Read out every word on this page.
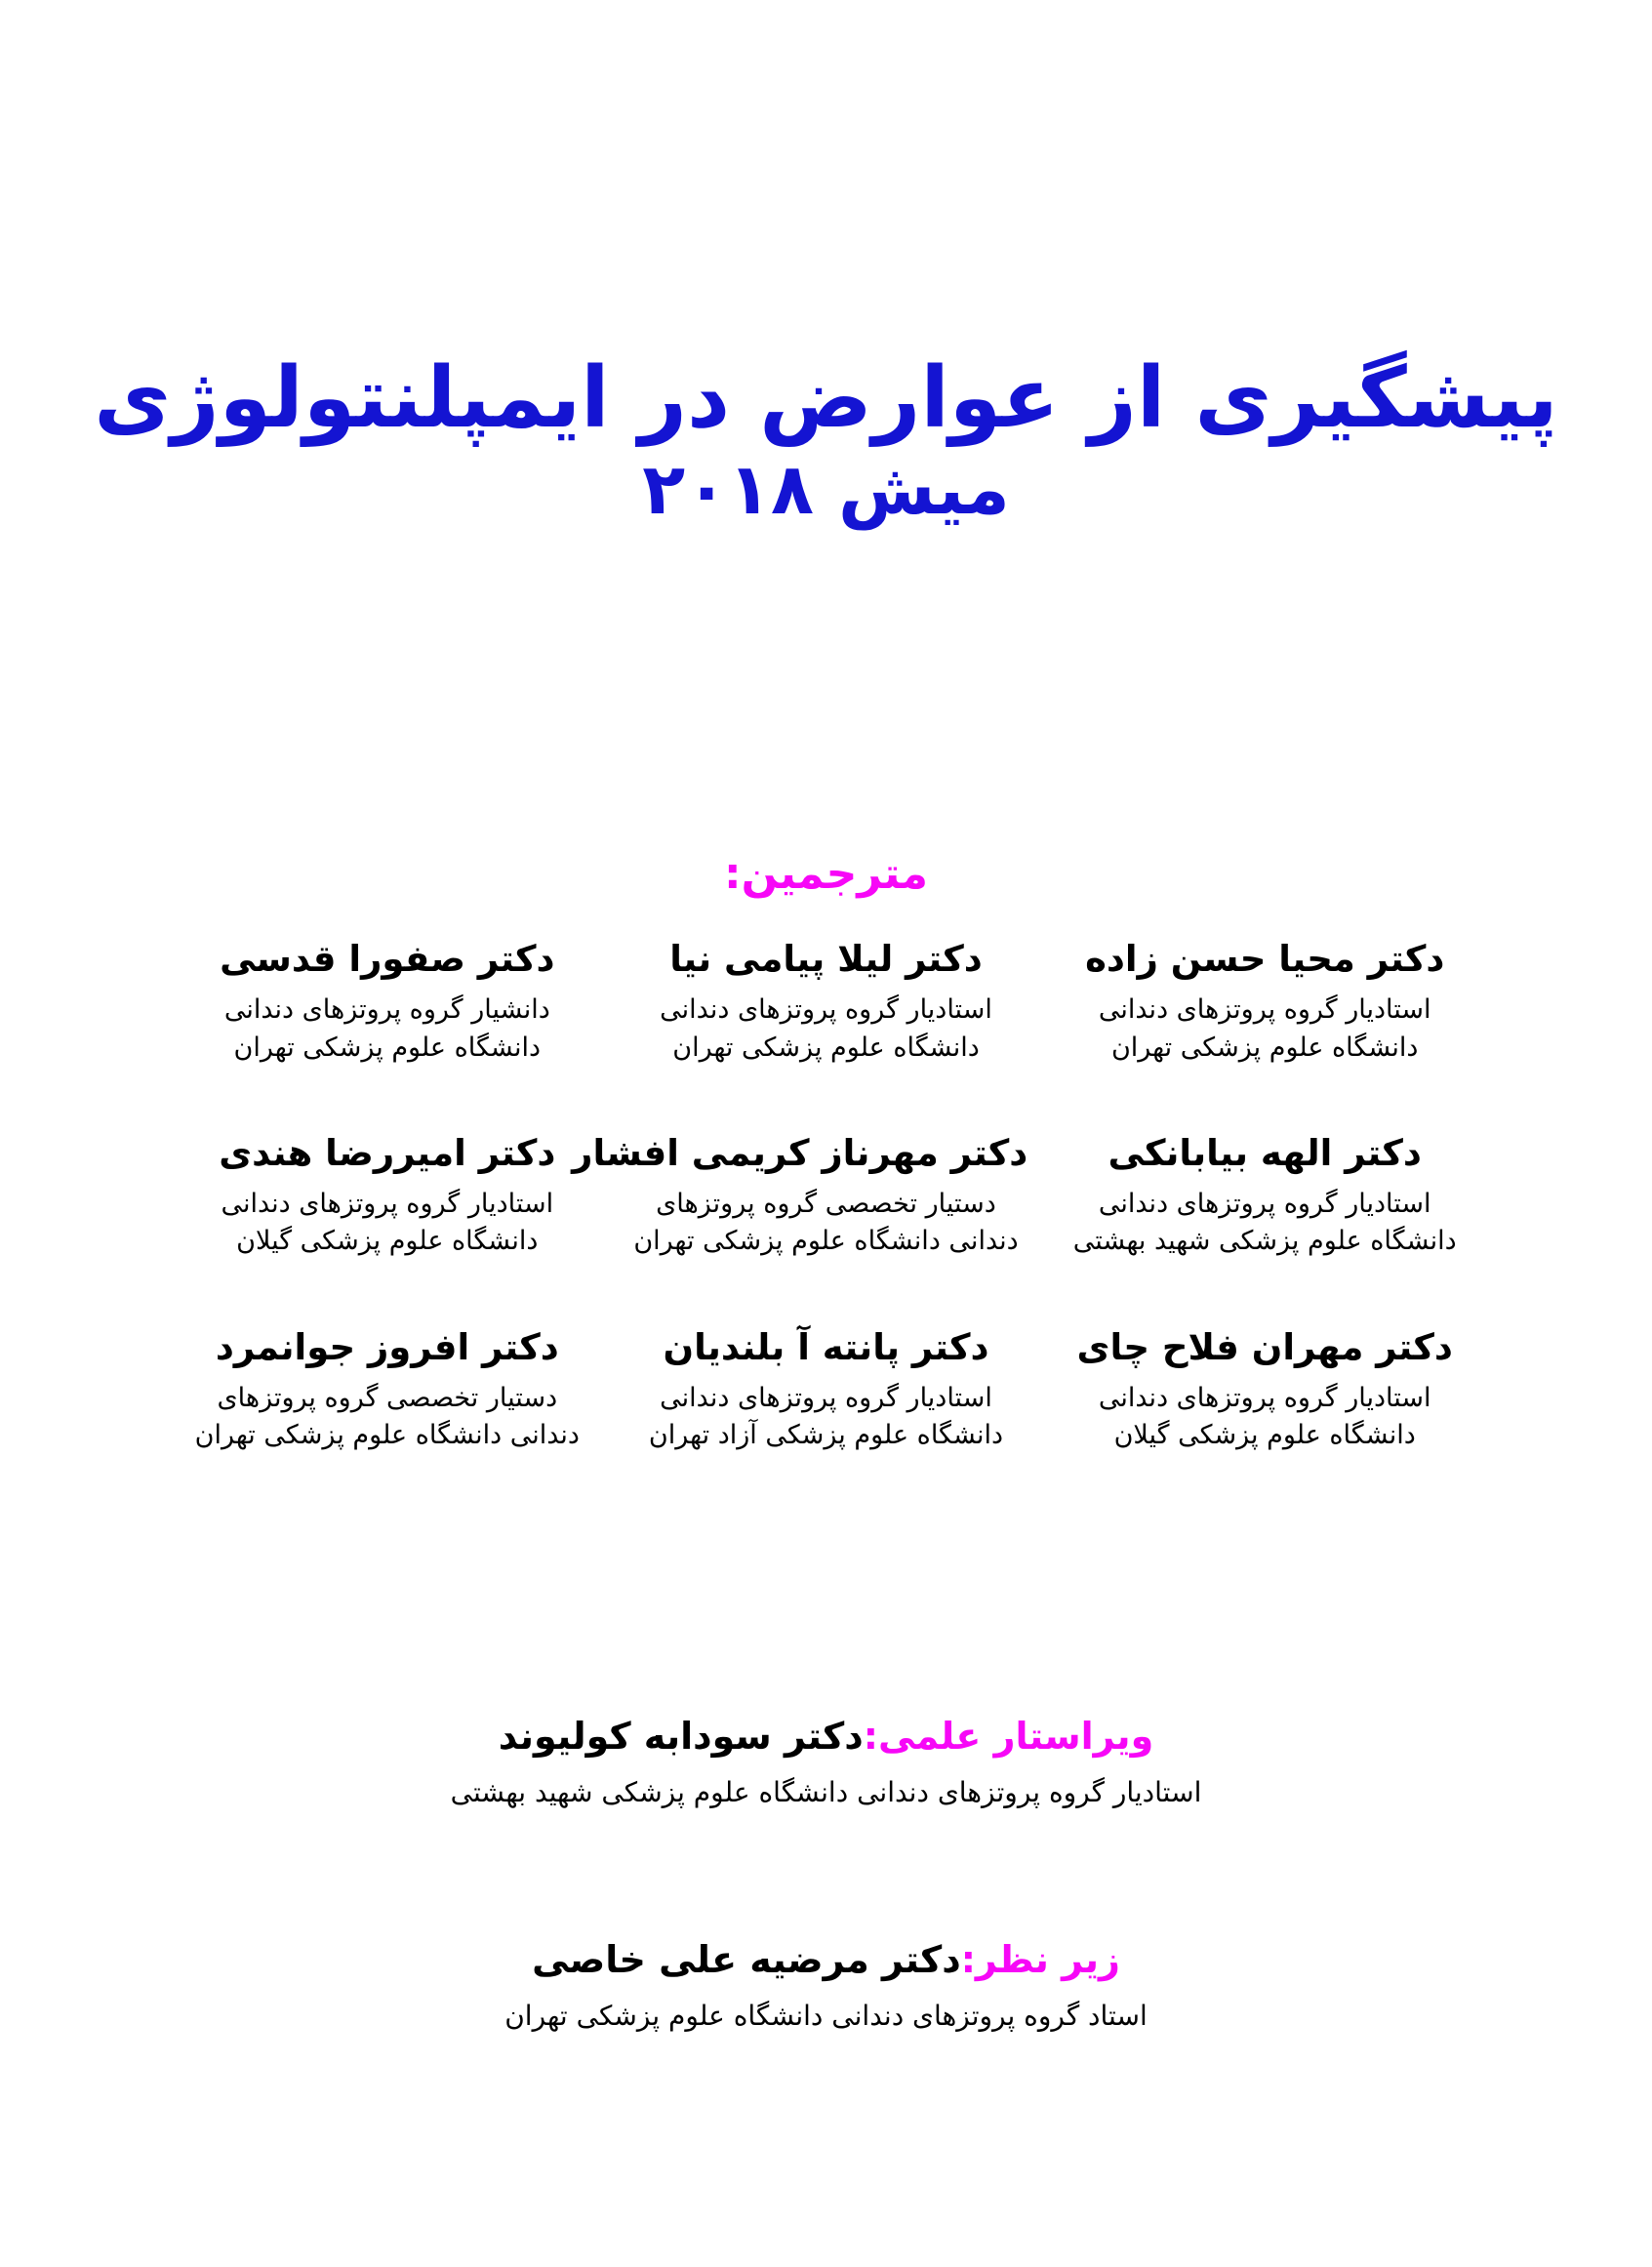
پیشگیری از عوارض در ایمپلنتولوژی
میش ۲۰۱۸
مترجمین:
دکتر محیا حسن زاده
استادیار گروه پروتزهای دندانی
دانشگاه علوم پزشکی تهران
دکتر لیلا پیامی نیا
استادیار گروه پروتزهای دندانی
دانشگاه علوم پزشکی تهران
دکتر صفورا قدسی
دانشیار گروه پروتزهای دندانی
دانشگاه علوم پزشکی تهران
دکتر الهه بیابانکی
استادیار گروه پروتزهای دندانی
دانشگاه علوم پزشکی شهید بهشتی
دکتر مهرناز کریمی افشار
دستیار تخصصی گروه پروتزهای
دندانی دانشگاه علوم پزشکی تهران
دکتر امیررضا هندی
استادیار گروه پروتزهای دندانی
دانشگاه علوم پزشکی گیلان
دکتر مهران فلاح چای
استادیار گروه پروتزهای دندانی
دانشگاه علوم پزشکی گیلان
دکتر پانته آ بلندیان
استادیار گروه پروتزهای دندانی
دانشگاه علوم پزشکی آزاد تهران
دکتر افروز جوانمرد
دستیار تخصصی گروه پروتزهای
دندانی دانشگاه علوم پزشکی تهران
ویراستار علمی:دکتر سودابه کولیوند
استادیار گروه پروتزهای دندانی دانشگاه علوم پزشکی شهید بهشتی
زیر نظر:دکتر مرضیه علی خاصی
استاد گروه پروتزهای دندانی دانشگاه علوم پزشکی تهران
